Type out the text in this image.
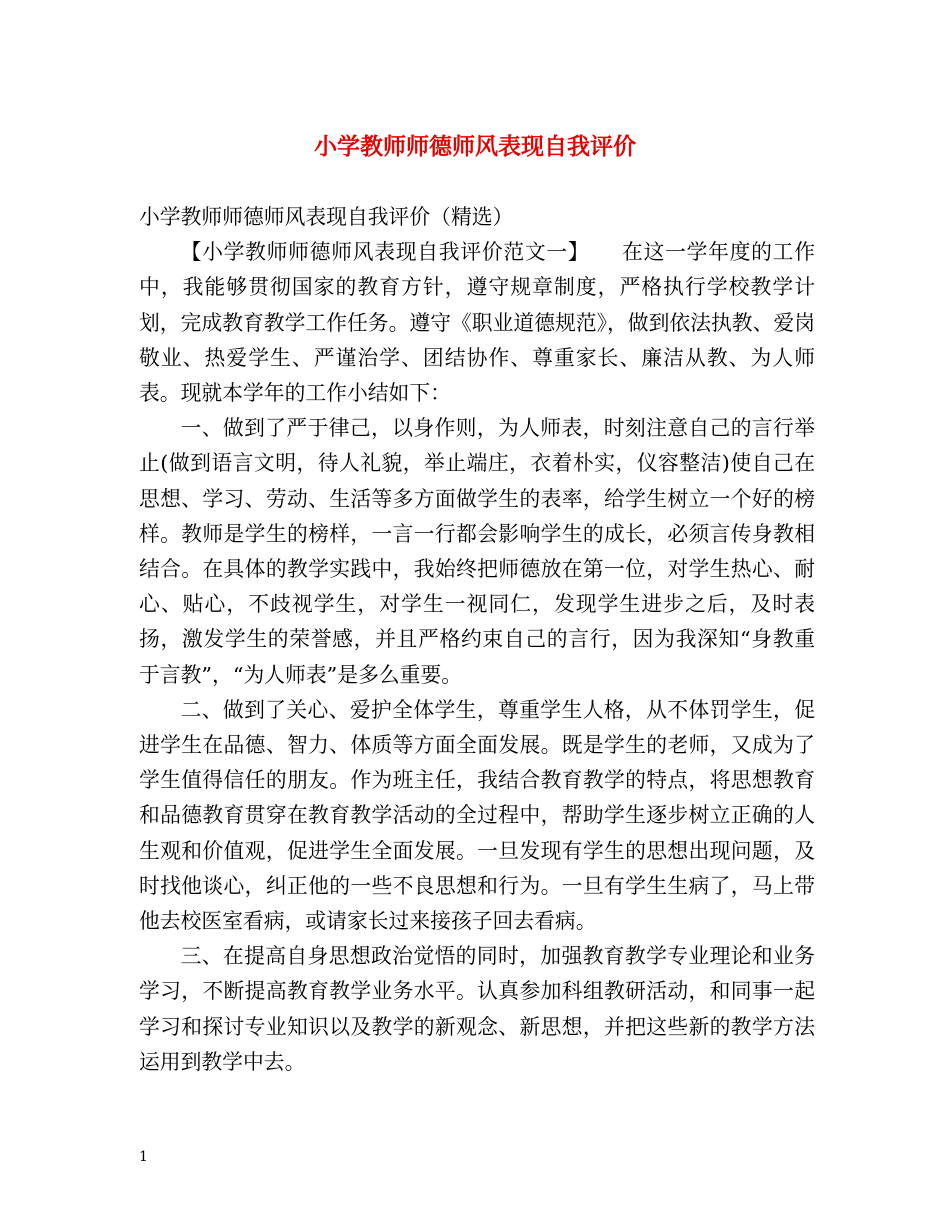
小学教师师德师风表现自我评价

小学教师师德师风表现自我评价（精选）

【小学教师师德师风表现自我评价范文一】　　在这一学年度的工作中，我能够贯彻国家的教育方针，遵守规章制度，严格执行学校教学计划，完成教育教学工作任务。遵守《职业道德规范》，做到依法执教、爱岗敬业、热爱学生、严谨治学、团结协作、尊重家长、廉洁从教、为人师表。现就本学年的工作小结如下：

一、做到了严于律己，以身作则，为人师表，时刻注意自己的言行举止(做到语言文明，待人礼貌，举止端庄，衣着朴实，仪容整洁)使自己在思想、学习、劳动、生活等多方面做学生的表率，给学生树立一个好的榜样。教师是学生的榜样，一言一行都会影响学生的成长，必须言传身教相结合。在具体的教学实践中，我始终把师德放在第一位，对学生热心、耐心、贴心，不歧视学生，对学生一视同仁，发现学生进步之后，及时表扬，激发学生的荣誉感，并且严格约束自己的言行，因为我深知“身教重于言教”，“为人师表”是多么重要。

二、做到了关心、爱护全体学生，尊重学生人格，从不体罚学生，促进学生在品德、智力、体质等方面全面发展。既是学生的老师，又成为了学生值得信任的朋友。作为班主任，我结合教育教学的特点，将思想教育和品德教育贯穿在教育教学活动的全过程中，帮助学生逐步树立正确的人生观和价值观，促进学生全面发展。一旦发现有学生的思想出现问题，及时找他谈心，纠正他的一些不良思想和行为。一旦有学生生病了，马上带他去校医室看病，或请家长过来接孩子回去看病。

三、在提高自身思想政治觉悟的同时，加强教育教学专业理论和业务学习，不断提高教育教学业务水平。认真参加科组教研活动，和同事一起学习和探讨专业知识以及教学的新观念、新思想，并把这些新的教学方法运用到教学中去。

1
